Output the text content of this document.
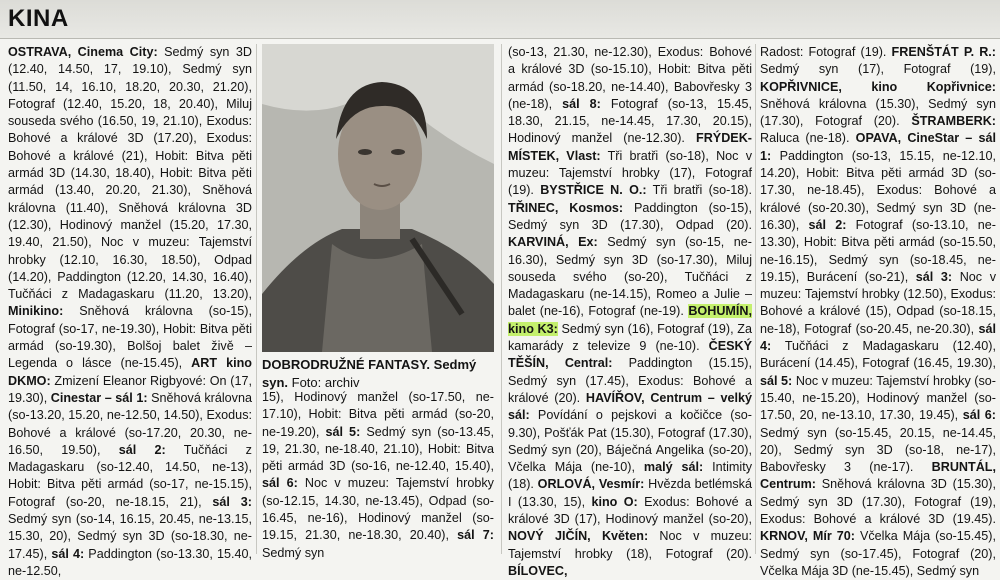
KINA

OSTRAVA, Cinema City: Sedmý syn 3D (12.40, 14.50, 17, 19.10), Sedmý syn (11.50, 14, 16.10, 18.20, 20.30, 21.20), Fotograf (12.40, 15.20, 18, 20.40), Miluj souseda svého (16.50, 19, 21.10), Exodus: Bohové a králové 3D (17.20), Exodus: Bohové a králové (21), Hobit: Bitva pěti armád 3D (14.30, 18.40), Hobit: Bitva pěti armád (13.40, 20.20, 21.30), Sněhová královna (11.40), Sněhová královna 3D (12.30), Hodinový manžel (15.20, 17.30, 19.40, 21.50), Noc v muzeu: Tajemství hrobky (12.10, 16.30, 18.50), Odpad (14.20), Paddington (12.20, 14.30, 16.40), Tučňáci z Madagaskaru (11.20, 13.20), Minikino: Sněhová královna (so-15), Fotograf (so-17, ne-19.30), Hobit: Bitva pěti armád (so-19.30), Bolšoj balet živě – Legenda o lásce (ne-15.45), ART kino DKMO: Zmizení Eleanor Rigbyové: On (17, 19.30), Cinestar – sál 1: Sněhová královna (so-13.20, 15.20, ne-12.50, 14.50), Exodus: Bohové a králové (so-17.20, 20.30, ne-16.50, 19.50), sál 2: Tučňáci z Madagaskaru (so-12.40, 14.50, ne-13), Hobit: Bitva pěti armád (so-17, ne-15.15), Fotograf (so-20, ne-18.15, 21), sál 3: Sedmý syn (so-14, 16.15, 20.45, ne-13.15, 15.30, 20), Sedmý syn 3D (so-18.30, ne-17.45), sál 4: Paddington (so-13.30, 15.40, ne-12.50,

DOBRODRUŽNÉ FANTASY. Sedmý syn. Foto: archiv

15), Hodinový manžel (so-17.50, ne-17.10), Hobit: Bitva pěti armád (so-20, ne-19.20), sál 5: Sedmý syn (so-13.45, 19, 21.30, ne-18.40, 21.10), Hobit: Bitva pěti armád 3D (so-16, ne-12.40, 15.40), sál 6: Noc v muzeu: Tajemství hrobky (so-12.15, 14.30, ne-13.45), Odpad (so-16.45, ne-16), Hodinový manžel (so-19.15, 21.30, ne-18.30, 20.40), sál 7: Sedmý syn

(so-13, 21.30, ne-12.30), Exodus: Bohové a králové 3D (so-15.10), Hobit: Bitva pěti armád (so-18.20, ne-14.40), Babovřesky 3 (ne-18), sál 8: Fotograf (so-13, 15.45, 18.30, 21.15, ne-14.45, 17.30, 20.15), Hodinový manžel (ne-12.30). FRÝDEK-MÍSTEK, Vlast: Tři bratři (so-18), Noc v muzeu: Tajemství hrobky (17), Fotograf (19). BYSTŘICE N. O.: Tři bratři (so-18). TŘINEC, Kosmos: Paddington (so-15), Sedmý syn 3D (17.30), Odpad (20). KARVINÁ, Ex: Sedmý syn (so-15, ne-16.30), Sedmý syn 3D (so-17.30), Miluj souseda svého (so-20), Tučňáci z Madagaskaru (ne-14.15), Romeo a Julie – balet (ne-16), Fotograf (ne-19). BOHUMÍN, kino K3: Sedmý syn (16), Fotograf (19), Za kamarády z televize 9 (ne-10). ČESKÝ TĚŠÍN, Central: Paddington (15.15), Sedmý syn (17.45), Exodus: Bohové a králové (20). HAVÍŘOV, Centrum – velký sál: Povídání o pejskovi a kočičce (so-9.30), Pošťák Pat (15.30), Fotograf (17.30), Sedmý syn (20), Báječná Angelika (so-20), Včelka Mája (ne-10), malý sál: Intimity (18). ORLOVÁ, Vesmír: Hvězda betlémská I (13.30, 15), kino O: Exodus: Bohové a králové 3D (17), Hodinový manžel (so-20), NOVÝ JIČÍN, Květen: Noc v muzeu: Tajemství hrobky (18), Fotograf (20). BÍLOVEC,

Radost: Fotograf (19). FRENŠTÁT P. R.: Sedmý syn (17), Fotograf (19), KOPŘIVNICE, kino Kopřivnice: Sněhová královna (15.30), Sedmý syn (17.30), Fotograf (20). ŠTRAMBERK: Raluca (ne-18). OPAVA, CineStar – sál 1: Paddington (so-13, 15.15, ne-12.10, 14.20), Hobit: Bitva pěti armád 3D (so-17.30, ne-18.45), Exodus: Bohové a králové (so-20.30), Sedmý syn 3D (ne-16.30), sál 2: Fotograf (so-13.10, ne-13.30), Hobit: Bitva pěti armád (so-15.50, ne-16.15), Sedmý syn (so-18.45, ne-19.15), Burácení (so-21), sál 3: Noc v muzeu: Tajemství hrobky (12.50), Exodus: Bohové a králové (15), Odpad (so-18.15, ne-18), Fotograf (so-20.45, ne-20.30), sál 4: Tučňáci z Madagaskaru (12.40), Burácení (14.45), Fotograf (16.45, 19.30), sál 5: Noc v muzeu: Tajemství hrobky (so-15.40, ne-15.20), Hodinový manžel (so-17.50, 20, ne-13.10, 17.30, 19.45), sál 6: Sedmý syn (so-15.45, 20.15, ne-14.45, 20), Sedmý syn 3D (so-18, ne-17), Babovřesky 3 (ne-17). BRUNTÁL, Centrum: Sněhová královna 3D (15.30), Sedmý syn 3D (17.30), Fotograf (19), Exodus: Bohové a králové 3D (19.45). KRNOV, Mír 70: Včelka Mája (so-15.45), Sedmý syn (so-17.45), Fotograf (20), Včelka Mája 3D (ne-15.45), Sedmý syn
